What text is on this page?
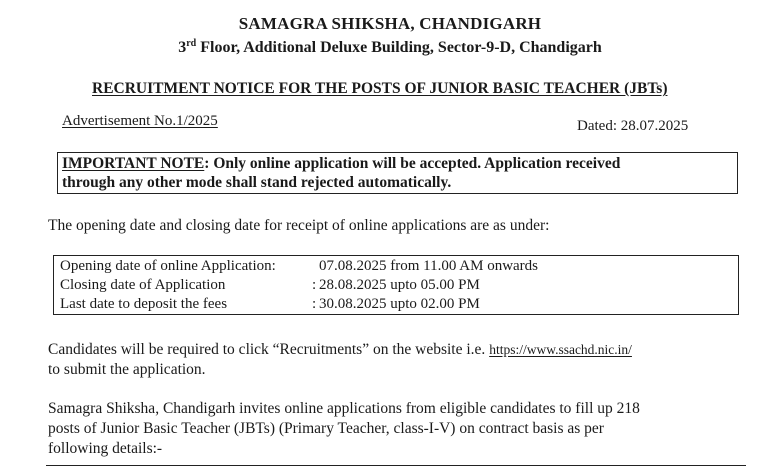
SAMAGRA SHIKSHA, CHANDIGARH
3rd Floor, Additional Deluxe Building, Sector-9-D, Chandigarh
RECRUITMENT NOTICE FOR THE POSTS OF JUNIOR BASIC TEACHER (JBTs)
Advertisement No.1/2025	Dated: 28.07.2025
IMPORTANT NOTE: Only online application will be accepted. Application received
through any other mode shall stand rejected automatically.
The opening date and closing date for receipt of online applications are as under:
Opening date of online Application:	07.08.2025 from 11.00 AM onwards
Closing date of Application	: 28.08.2025 upto 05.00 PM
Last date to deposit the fees	: 30.08.2025 upto 02.00 PM
Candidates will be required to click “Recruitments” on the website i.e. https://www.ssachd.nic.in/
to submit the application.
Samagra Shiksha, Chandigarh invites online applications from eligible candidates to fill up 218
posts of Junior Basic Teacher (JBTs) (Primary Teacher, class-I-V) on contract basis as per
following details:-
